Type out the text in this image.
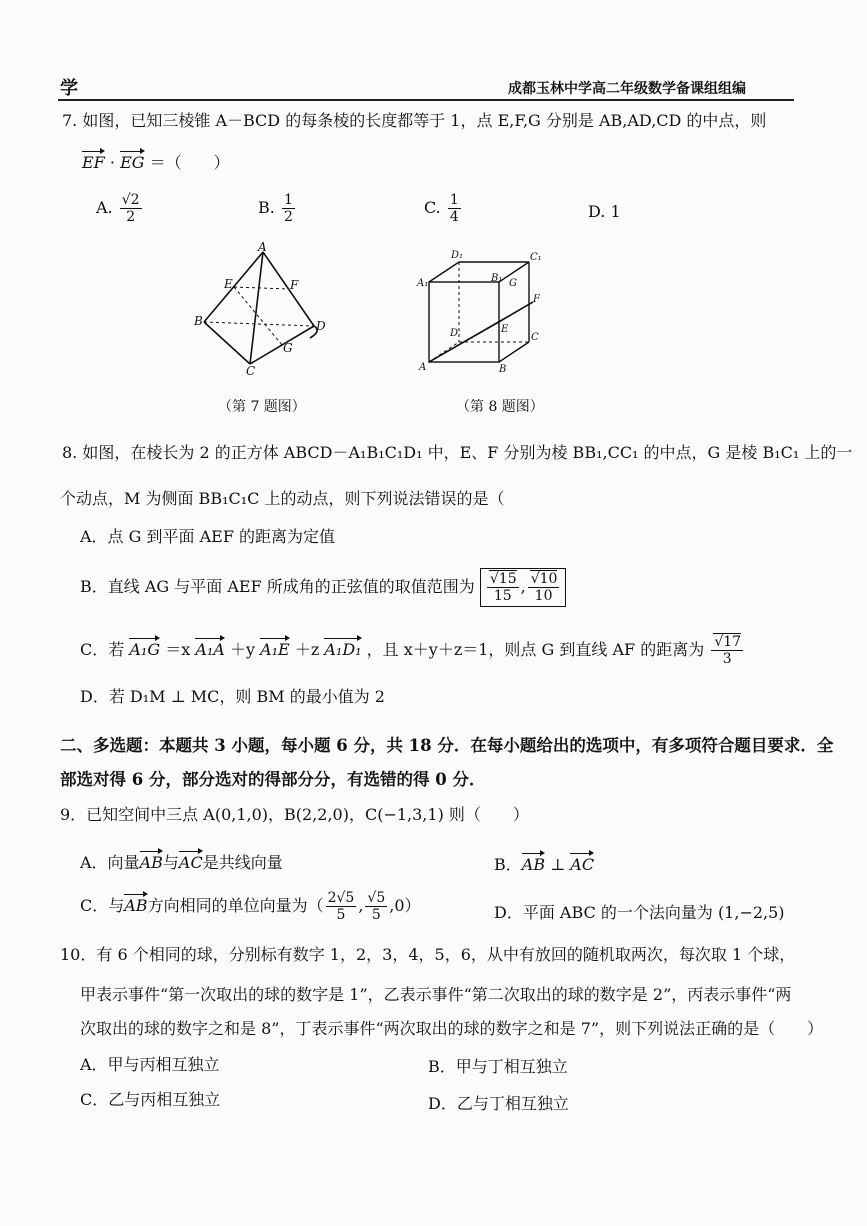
学	成都玉林中学高二年级数学备课组组编
7. 如图，已知三棱锥 A－BCD 的每条棱的长度都等于 1，点 E,F,G 分别是 AB,AD,CD 的中点，则
EF · EG ＝（　　）
A. $\frac{√2}{2}$	B. $\frac{1}{2}$	C. $\frac{1}{4}$	D. 1
A
E	F
B	D
G
C
（第 7 题图）
D₁	C₁
A₁	B₁ G
F
D	E
C
A	B
（第 8 题图）
8. 如图，在棱长为 2 的正方体 ABCD－A₁B₁C₁D₁ 中，E、F 分别为棱 BB₁,CC₁ 的中点，G 是棱 B₁C₁ 上的一
个动点，M 为侧面 BB₁C₁C 上的动点，则下列说法错误的是（
A．点 G 到平面 AEF 的距离为定值
B．直线 AG 与平面 AEF 所成角的正弦值的取值范围为 $\frac{√15}{15}$ , $\frac{√10}{10}$
C．若 A₁G ＝x A₁A ＋y A₁E ＋z A₁D₁ ，且 x＋y＋z＝1，则点 G 到直线 AF 的距离为 $\frac{√17}{3}$
D．若 D₁M ⊥ MC，则 BM 的最小值为 2
二、多选题：本题共 3 小题，每小题 6 分，共 18 分．在每小题给出的选项中，有多项符合题目要求．全
部选对得 6 分，部分选对的得部分分，有选错的得 0 分．
9．已知空间中三点 A(0,1,0)，B(2,2,0)，C(−1,3,1) 则（　　）
A．向量AB与AC是共线向量	B．AB ⊥ AC
C．与AB方向相同的单位向量为（ $\frac{2√5}{5}$ , $\frac{√5}{5} ,0$）	D．平面 ABC 的一个法向量为 (1,−2,5)
10．有 6 个相同的球，分别标有数字 1，2，3，4，5，6，从中有放回的随机取两次，每次取 1 个球，
甲表示事件“第一次取出的球的数字是 1”，乙表示事件“第二次取出的球的数字是 2”，丙表示事件“两
次取出的球的数字之和是 8”，丁表示事件“两次取出的球的数字之和是 7”，则下列说法正确的是（　　）
A．甲与丙相互独立	B．甲与丁相互独立
C．乙与丙相互独立	D．乙与丁相互独立
